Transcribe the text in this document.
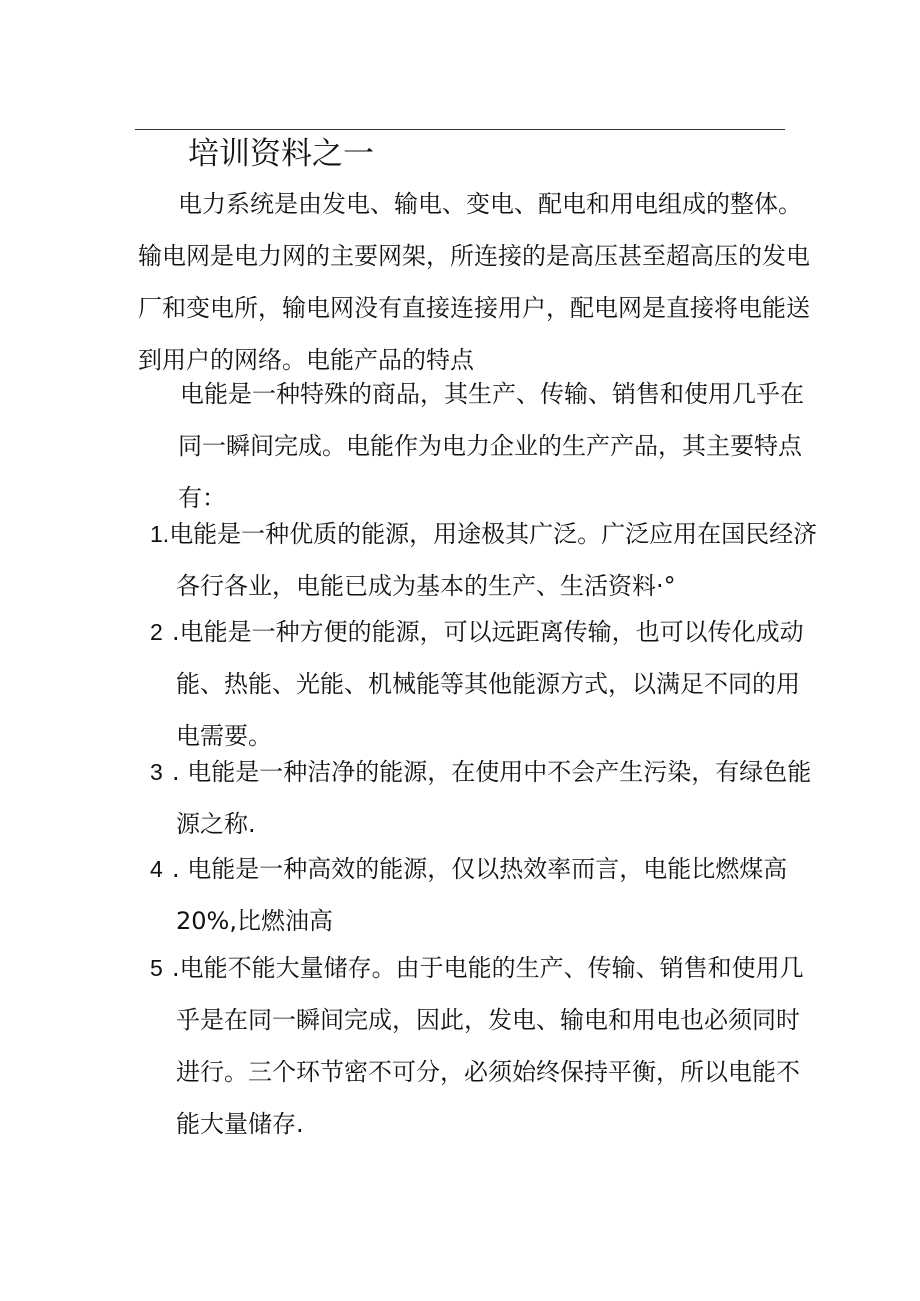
培训资料之一
电力系统是由发电、输电、变电、配电和用电组成的整体。
输电网是电力网的主要网架，所连接的是高压甚至超高压的发电
厂和变电所，输电网没有直接连接用户，配电网是直接将电能送
到用户的网络。电能产品的特点
电能是一种特殊的商品，其生产、传输、销售和使用几乎在
同一瞬间完成。电能作为电力企业的生产产品，其主要特点
有：
1.电能是一种优质的能源，用途极其广泛。广泛应用在国民经济
各行各业，电能已成为基本的生产、生活资料·°
2 .电能是一种方便的能源，可以远距离传输，也可以传化成动
能、热能、光能、机械能等其他能源方式，以满足不同的用
电需要。
3 . 电能是一种洁净的能源，在使用中不会产生污染，有绿色能
源之称.
4 . 电能是一种高效的能源，仅以热效率而言，电能比燃煤高
20%,比燃油高
5 .电能不能大量储存。由于电能的生产、传输、销售和使用几
乎是在同一瞬间完成，因此，发电、输电和用电也必须同时
进行。三个环节密不可分，必须始终保持平衡，所以电能不
能大量储存.
